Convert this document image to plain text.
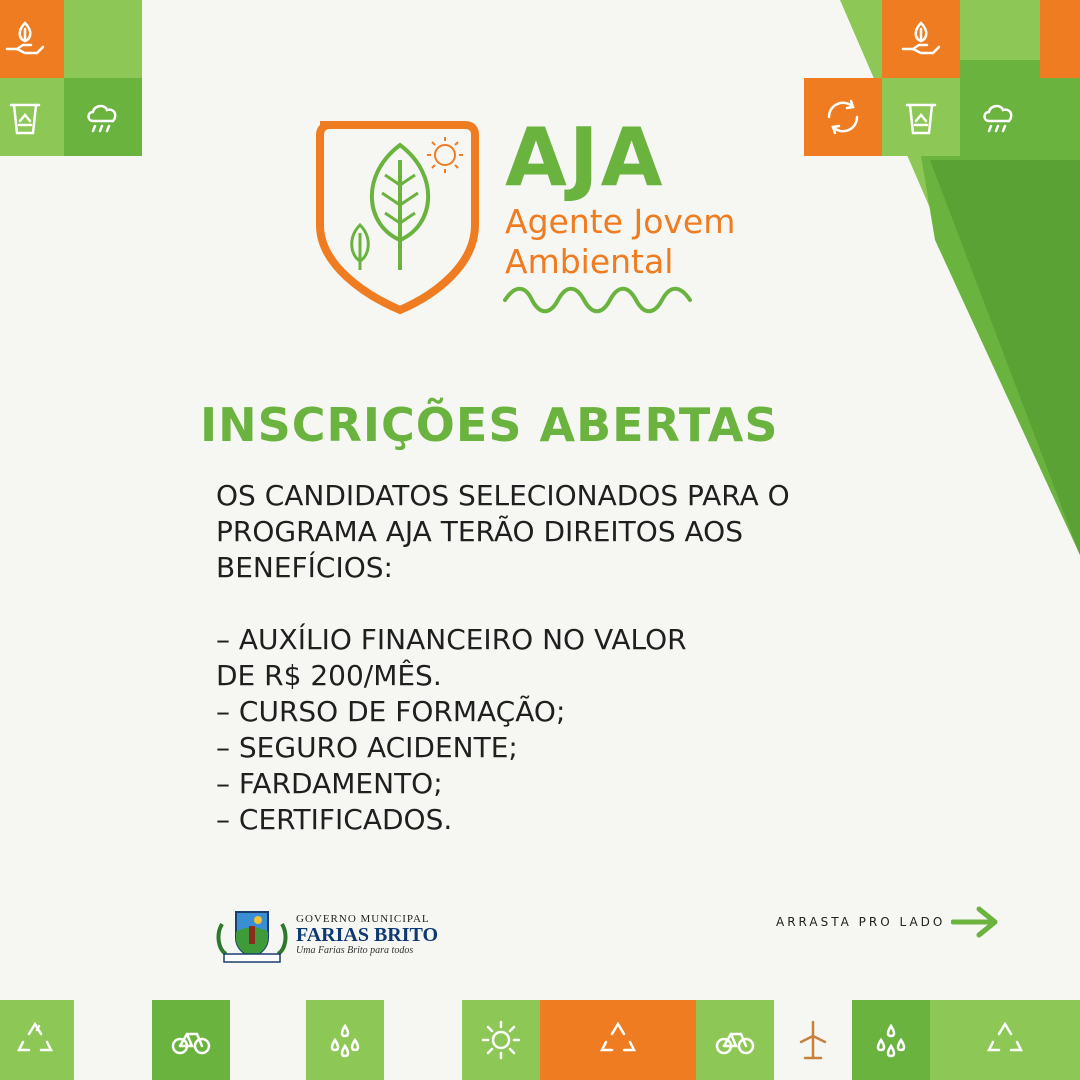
AJA
Agente Jovem
Ambiental
INSCRIÇÕES ABERTAS

OS CANDIDATOS SELECIONADOS PARA O

PROGRAMA AJA TERÃO DIREITOS AOS

BENEFÍCIOS:

– AUXÍLIO FINANCEIRO NO VALOR

DE R$ 200/MÊS.

– CURSO DE FORMAÇÃO;

– SEGURO ACIDENTE;

– FARDAMENTO;

– CERTIFICADOS.

GOVERNO MUNICIPAL
FARIAS BRITO
Uma Farias Brito para todos
ARRASTA PRO LADO
